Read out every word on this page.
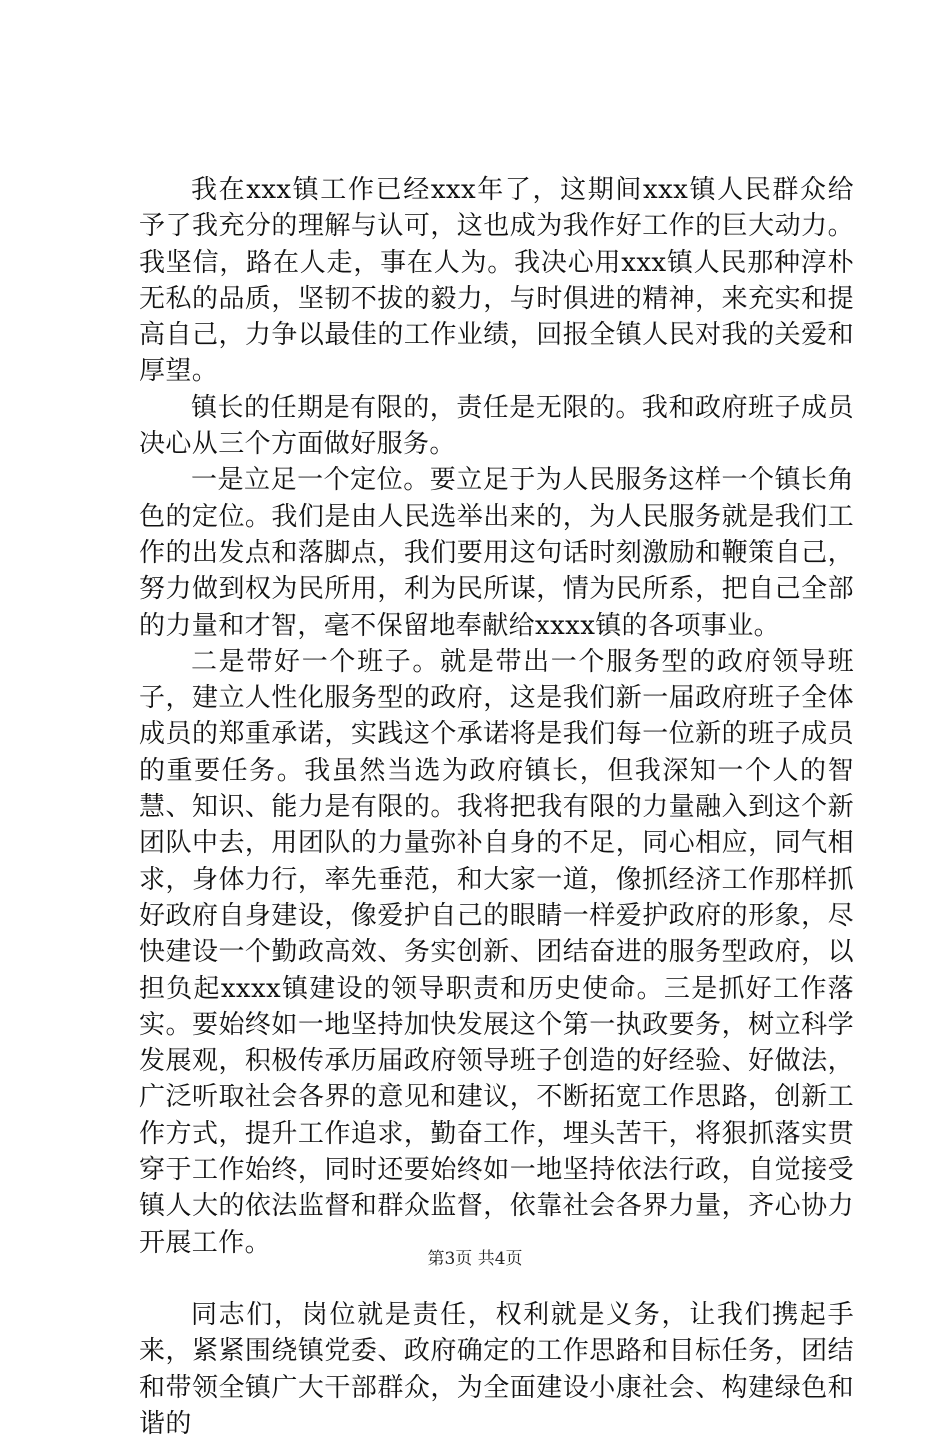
我在xxx镇工作已经xxx年了，这期间xxx镇人民群众给予了我充分的理解与认可，这也成为我作好工作的巨大动力。我坚信，路在人走，事在人为。我决心用xxx镇人民那种淳朴无私的品质，坚韧不拔的毅力，与时俱进的精神，来充实和提高自己，力争以最佳的工作业绩，回报全镇人民对我的关爱和厚望。

镇长的任期是有限的，责任是无限的。我和政府班子成员决心从三个方面做好服务。

一是立足一个定位。要立足于为人民服务这样一个镇长角色的定位。我们是由人民选举出来的，为人民服务就是我们工作的出发点和落脚点，我们要用这句话时刻激励和鞭策自己，努力做到权为民所用，利为民所谋，情为民所系，把自己全部的力量和才智，毫不保留地奉献给xxxx镇的各项事业。

二是带好一个班子。就是带出一个服务型的政府领导班子，建立人性化服务型的政府，这是我们新一届政府班子全体成员的郑重承诺，实践这个承诺将是我们每一位新的班子成员的重要任务。我虽然当选为政府镇长，但我深知一个人的智慧、知识、能力是有限的。我将把我有限的力量融入到这个新团队中去，用团队的力量弥补自身的不足，同心相应，同气相求，身体力行，率先垂范，和大家一道，像抓经济工作那样抓好政府自身建设，像爱护自己的眼睛一样爱护政府的形象，尽快建设一个勤政高效、务实创新、团结奋进的服务型政府，以担负起xxxx镇建设的领导职责和历史使命。三是抓好工作落实。要始终如一地坚持加快发展这个第一执政要务，树立科学发展观，积极传承历届政府领导班子创造的好经验、好做法，广泛听取社会各界的意见和建议，不断拓宽工作思路，创新工作方式，提升工作追求，勤奋工作，埋头苦干，将狠抓落实贯穿于工作始终，同时还要始终如一地坚持依法行政，自觉接受镇人大的依法监督和群众监督，依靠社会各界力量，齐心协力开展工作。

同志们，岗位就是责任，权利就是义务，让我们携起手来，紧紧围绕镇党委、政府确定的工作思路和目标任务，团结和带领全镇广大干部群众，为全面建设小康社会、构建绿色和谐的

第3页 共4页
